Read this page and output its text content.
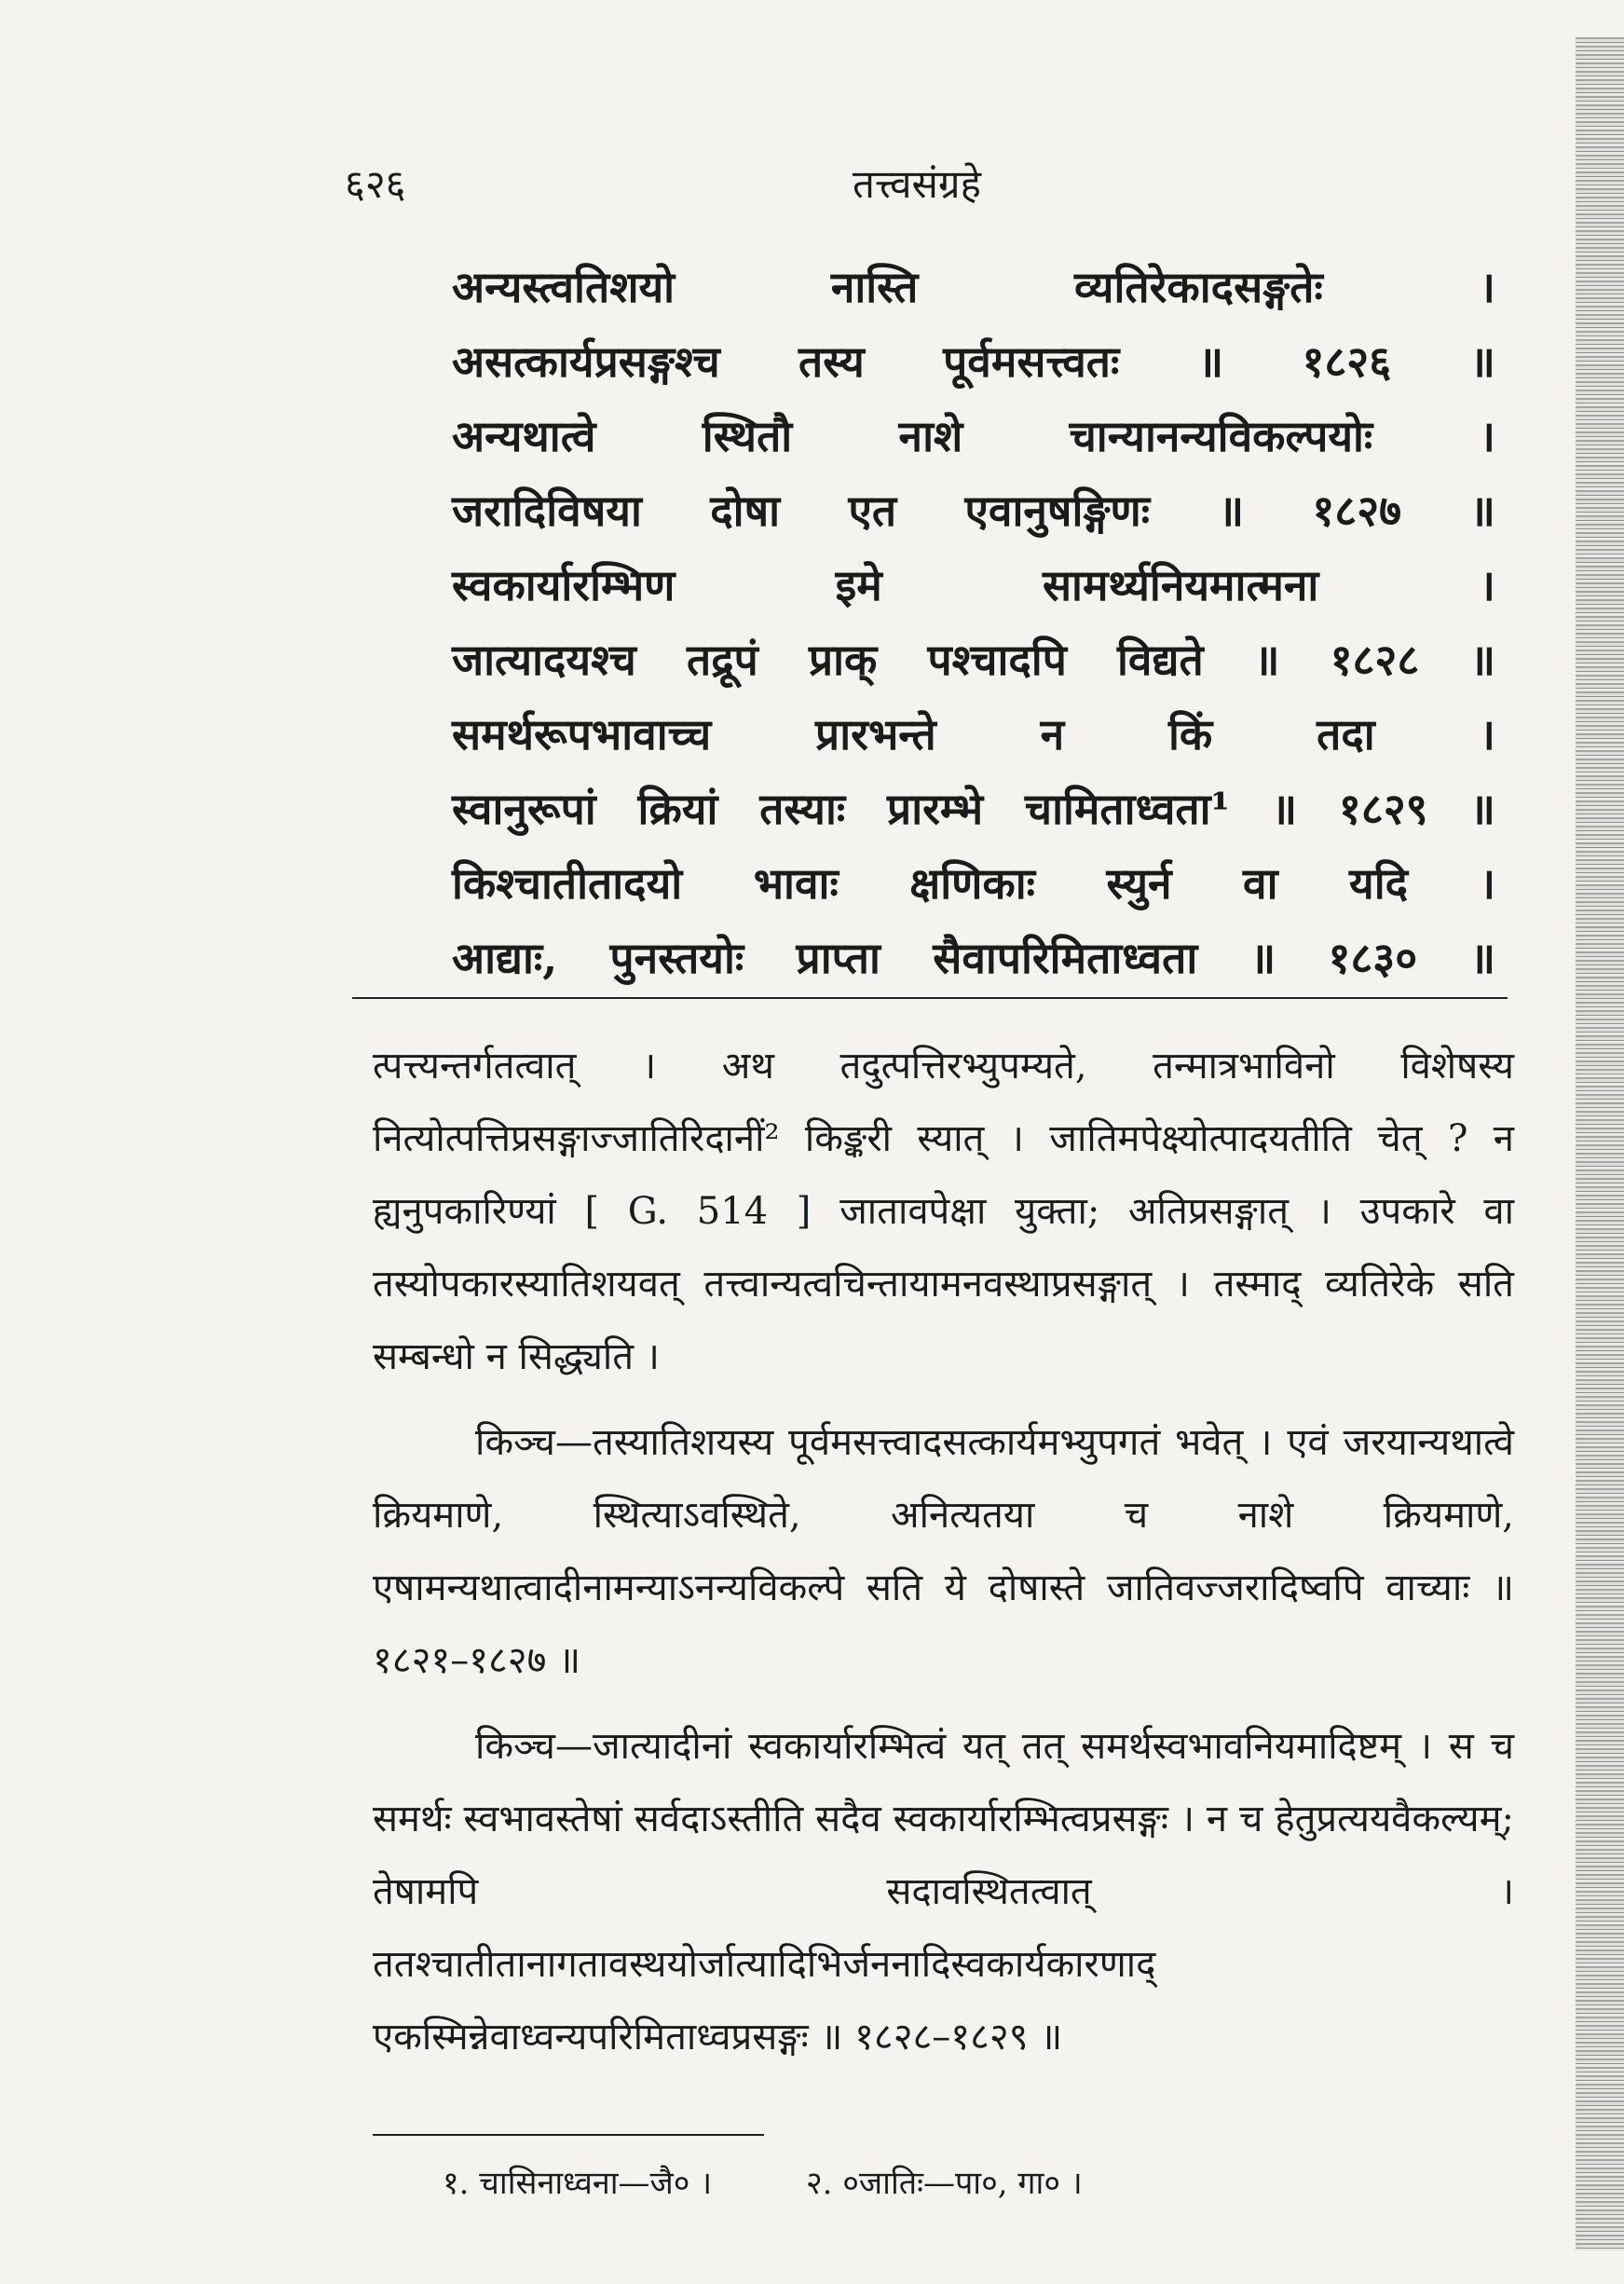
६२६	तत्त्वसंग्रहे
अन्यस्त्वतिशयो नास्ति व्यतिरेकादसङ्गतेः ।
असत्कार्यप्रसङ्गश्च तस्य पूर्वमसत्त्वतः ॥ १८२६ ॥
अन्यथात्वे स्थितौ नाशे चान्यानन्यविकल्पयोः ।
जरादिविषया दोषा एत एवानुषङ्गिणः ॥ १८२७ ॥
स्वकार्यारम्भिण इमे सामर्थ्यनियमात्मना ।
जात्यादयश्च तद्रूपं प्राक् पश्चादपि विद्यते ॥ १८२८ ॥
समर्थरूपभावाच्च प्रारभन्ते न किं तदा ।
स्वानुरूपां क्रियां तस्याः प्रारम्भे चामिताध्वता¹ ॥ १८२९ ॥
किश्चातीतादयो भावाः क्षणिकाः स्युर्न वा यदि ।
आद्याः, पुनस्तयोः प्राप्ता सैवापरिमिताध्वता ॥ १८३० ॥

त्पत्त्यन्तर्गतत्वात् । अथ तदुत्पत्तिरभ्युपम्यते, तन्मात्रभाविनो विशेषस्य नित्योत्पत्तिप्रसङ्गाज्जातिरिदानीं² किङ्करी स्यात् । जातिमपेक्ष्योत्पादयतीति चेत् ? न ह्यनुपकारिण्यां [ G. 514 ] जातावपेक्षा युक्ता; अतिप्रसङ्गात् । उपकारे वा तस्योपकारस्यातिशयवत् तत्त्वान्यत्वचिन्तायामनवस्थाप्रसङ्गात् । तस्माद् व्यतिरेके सति सम्बन्धो न सिद्ध्यति ।

किञ्च—तस्यातिशयस्य पूर्वमसत्त्वादसत्कार्यमभ्युपगतं भवेत् । एवं जरयान्यथात्वे क्रियमाणे, स्थित्याऽवस्थिते, अनित्यतया च नाशे क्रियमाणे, एषामन्यथात्वादीनामन्याऽनन्यविकल्पे सति ये दोषास्ते जातिवज्जरादिष्वपि वाच्याः ॥ १८२१–१८२७ ॥

किञ्च—जात्यादीनां स्वकार्यारम्भित्वं यत् तत् समर्थस्वभावनियमादिष्टम् । स च समर्थः स्वभावस्तेषां सर्वदाऽस्तीति सदैव स्वकार्यारम्भित्वप्रसङ्गः । न च हेतुप्रत्ययवैकल्यम्; तेषामपि सदावस्थितत्वात् । ततश्चातीतानागतावस्थयोर्जात्यादिभिर्जननादिस्वकार्यकारणाद् एकस्मिन्नेवाध्वन्यपरिमिताध्वप्रसङ्गः ॥ १८२८–१८२९ ॥

१. चासिनाध्वना—जै० ।	२. ०जातिः—पा०, गा० ।
